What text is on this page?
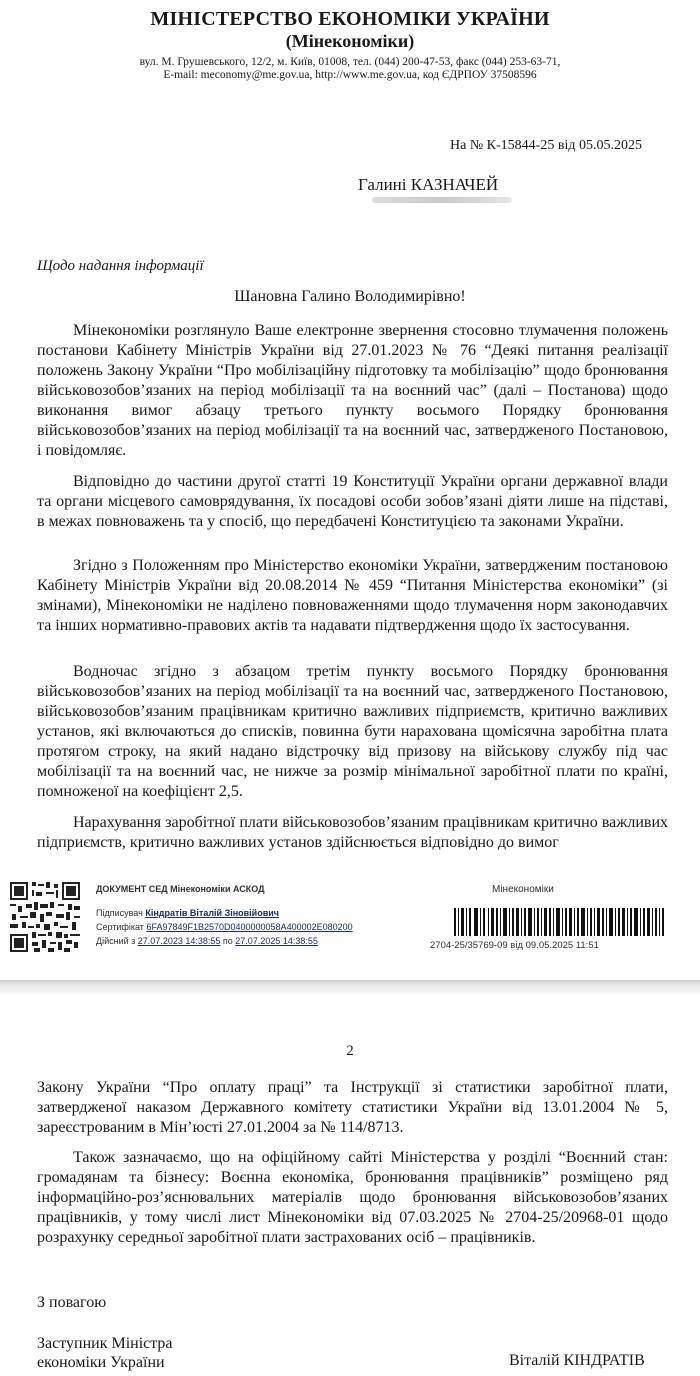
МІНІСТЕРСТВО ЕКОНОМІКИ УКРАЇНИ
(Мінекономіки)
вул. М. Грушевського, 12/2, м. Київ, 01008, тел. (044) 200-47-53, факс (044) 253-63-71,
E-mail: meconomy@me.gov.ua, http://www.me.gov.ua, код ЄДРПОУ 37508596
На № К-15844-25 від 05.05.2025
Галині КАЗНАЧЕЙ
Щодо надання інформації
Шановна Галино Володимирівно!
Мінекономіки розглянуло Ваше електронне звернення стосовно тлумачення положень постанови Кабінету Міністрів України від 27.01.2023 № 76 “Деякі питання реалізації положень Закону України “Про мобілізаційну підготовку та мобілізацію” щодо бронювання військовозобов’язаних на період мобілізації та на воєнний час” (далі – Постанова) щодо виконання вимог абзацу третього пункту восьмого Порядку бронювання військовозобов’язаних на період мобілізації та на воєнний час, затвердженого Постановою, і повідомляє.
Відповідно до частини другої статті 19 Конституції України органи державної влади та органи місцевого самоврядування, їх посадові особи зобов’язані діяти лише на підставі, в межах повноважень та у спосіб, що передбачені Конституцією та законами України.
Згідно з Положенням про Міністерство економіки України, затвердженим постановою Кабінету Міністрів України від 20.08.2014 № 459 “Питання Міністерства економіки” (зі змінами), Мінекономіки не наділено повноваженнями щодо тлумачення норм законодавчих та інших нормативно-правових актів та надавати підтвердження щодо їх застосування.
Водночас згідно з абзацом третім пункту восьмого Порядку бронювання військовозобов’язаних на період мобілізації та на воєнний час, затвердженого Постановою, військовозобов’язаним працівникам критично важливих підприємств, критично важливих установ, які включаються до списків, повинна бути нарахована щомісячна заробітна плата протягом строку, на який надано відстрочку від призову на військову службу під час мобілізації та на воєнний час, не нижче за розмір мінімальної заробітної плати по країні, помноженої на коефіцієнт 2,5.
Нарахування заробітної плати військовозобов’язаним працівникам критично важливих підприємств, критично важливих установ здійснюється відповідно до вимог
ДОКУМЕНТ СЕД Мінекономіки АСКОД
Підписувач Кіндратів Віталій Зіновійович
Сертифікат 6FA97849F1B2570D0400000058A400002E080200
Дійсний з 27.07.2023 14:38:55 по 27.07.2025 14:38:55
Мінекономіки
2704-25/35769-09 від 09.05.2025 11:51
2
Закону України “Про оплату праці” та Інструкції зі статистики заробітної плати, затвердженої наказом Державного комітету статистики України від 13.01.2004 № 5, зареєстрованим в Мін’юсті 27.01.2004 за № 114/8713.
Також зазначаємо, що на офіційному сайті Міністерства у розділі “Воєнний стан: громадянам та бізнесу: Воєнна економіка, бронювання працівників” розміщено ряд інформаційно-роз’яснювальних матеріалів щодо бронювання військовозобов’язаних працівників, у тому числі лист Мінекономіки від 07.03.2025 № 2704-25/20968-01 щодо розрахунку середньої заробітної плати застрахованих осіб – працівників.
З повагою
Заступник Міністра
економіки України	Віталій КІНДРАТІВ
